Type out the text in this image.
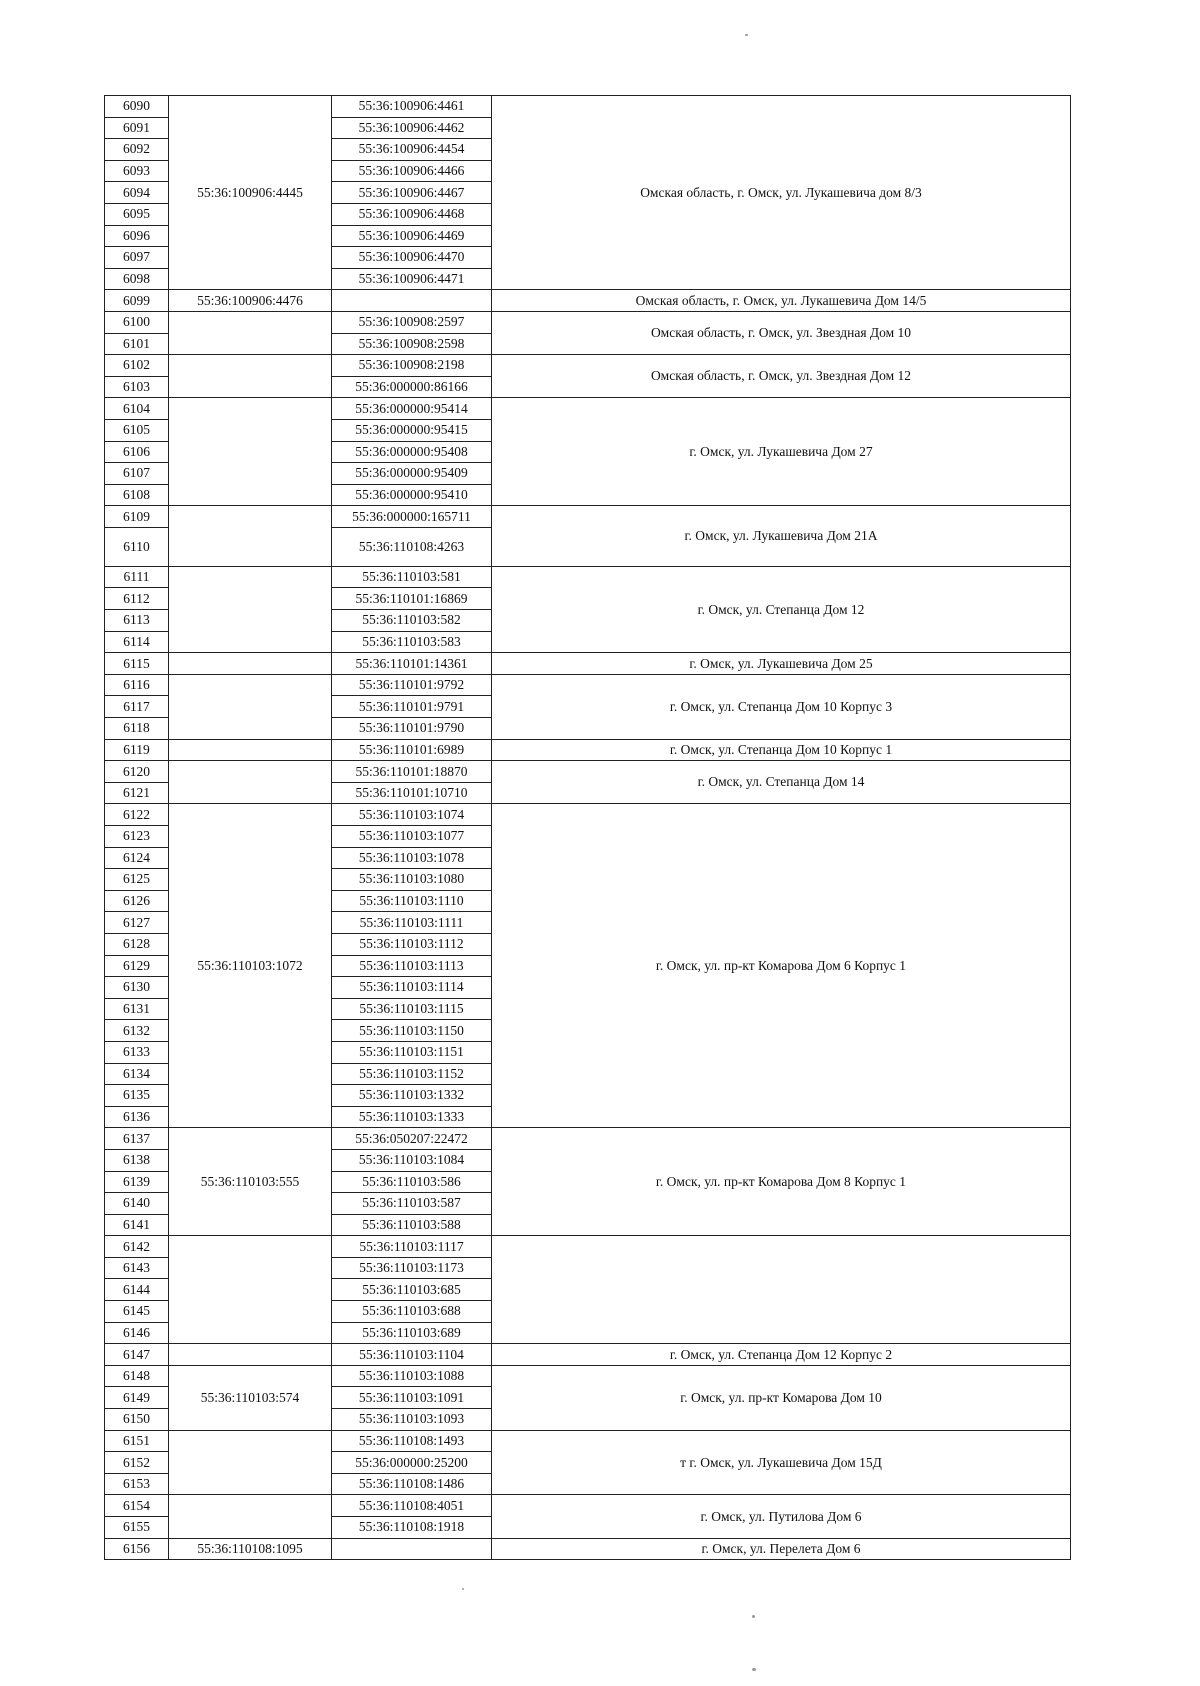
6090	55:36:100906:4445	55:36:100906:4461	Омская область, г. Омск, ул. Лукашевича дом 8/3
6091		55:36:100906:4462	
6092		55:36:100906:4454	
6093		55:36:100906:4466	
6094		55:36:100906:4467	
6095		55:36:100906:4468	
6096		55:36:100906:4469	
6097		55:36:100906:4470	
6098		55:36:100906:4471	
6099	55:36:100906:4476		Омская область, г. Омск, ул. Лукашевича Дом 14/5
6100		55:36:100908:2597	Омская область, г. Омск, ул. Звездная Дом 10
6101		55:36:100908:2598	
6102		55:36:100908:2198	Омская область, г. Омск, ул. Звездная Дом 12
6103		55:36:000000:86166	
6104		55:36:000000:95414	г. Омск, ул. Лукашевича Дом 27
6105		55:36:000000:95415	
6106		55:36:000000:95408	
6107		55:36:000000:95409	
6108		55:36:000000:95410	
6109		55:36:000000:165711	г. Омск, ул. Лукашевича Дом 21А
6110		55:36:110108:4263	
6111		55:36:110103:581	г. Омск, ул. Степанца Дом 12
6112		55:36:110101:16869	
6113		55:36:110103:582	
6114		55:36:110103:583	
6115		55:36:110101:14361	г. Омск, ул. Лукашевича Дом 25
6116		55:36:110101:9792	г. Омск, ул. Степанца Дом 10 Корпус 3
6117		55:36:110101:9791	
6118		55:36:110101:9790	
6119		55:36:110101:6989	г. Омск, ул. Степанца Дом 10 Корпус 1
6120		55:36:110101:18870	г. Омск, ул. Степанца Дом 14
6121		55:36:110101:10710	
6122	55:36:110103:1072	55:36:110103:1074	г. Омск, ул. пр-кт Комарова Дом 6 Корпус 1
6123		55:36:110103:1077	
6124		55:36:110103:1078	
6125		55:36:110103:1080	
6126		55:36:110103:1110	
6127		55:36:110103:1111	
6128		55:36:110103:1112	
6129		55:36:110103:1113	
6130		55:36:110103:1114	
6131		55:36:110103:1115	
6132		55:36:110103:1150	
6133		55:36:110103:1151	
6134		55:36:110103:1152	
6135		55:36:110103:1332	
6136		55:36:110103:1333	
6137	55:36:110103:555	55:36:050207:22472	г. Омск, ул. пр-кт Комарова Дом 8 Корпус 1
6138		55:36:110103:1084	
6139		55:36:110103:586	
6140		55:36:110103:587	
6141		55:36:110103:588	
6142		55:36:110103:1117	
6143		55:36:110103:1173	
6144		55:36:110103:685	
6145		55:36:110103:688	
6146		55:36:110103:689	
6147		55:36:110103:1104	г. Омск, ул. Степанца Дом 12 Корпус 2
6148	55:36:110103:574	55:36:110103:1088	г. Омск, ул. пр-кт Комарова Дом 10
6149		55:36:110103:1091	
6150		55:36:110103:1093	
6151		55:36:110108:1493	т г. Омск, ул. Лукашевича Дом 15Д
6152		55:36:000000:25200	
6153		55:36:110108:1486	
6154		55:36:110108:4051	г. Омск, ул. Путилова Дом 6
6155		55:36:110108:1918	
6156	55:36:110108:1095		г. Омск, ул. Перелета Дом 6
